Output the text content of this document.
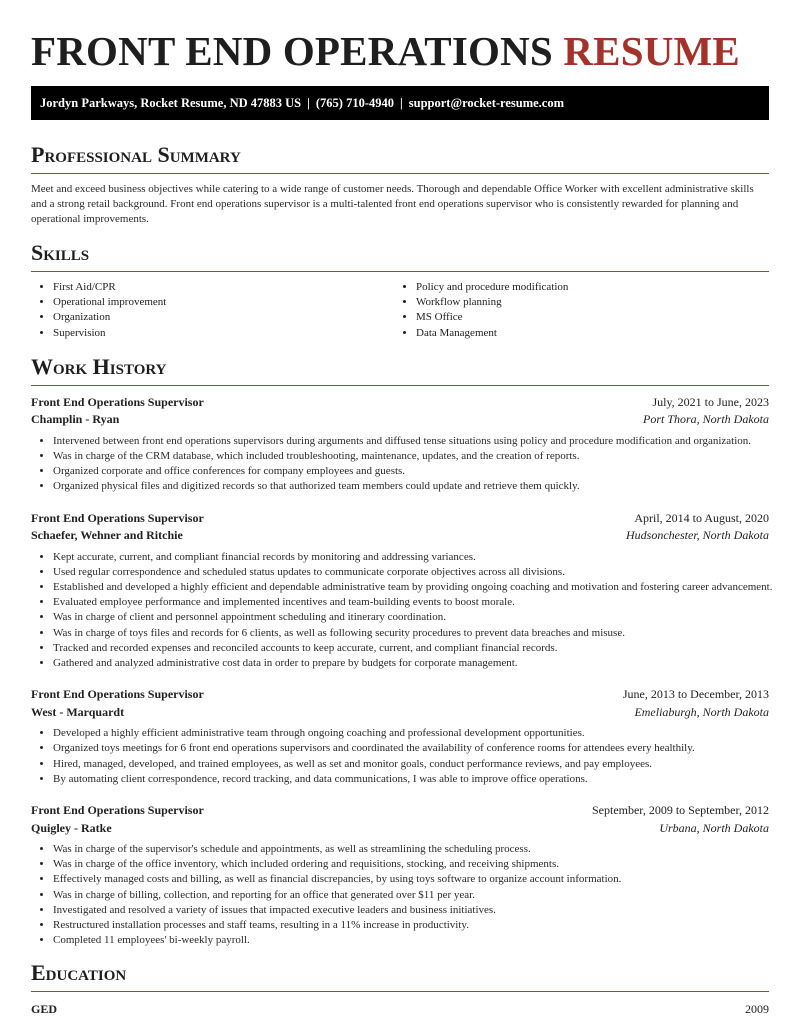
FRONT END OPERATIONS RESUME
Jordyn Parkways, Rocket Resume, ND 47883 US | (765) 710-4940 | support@rocket-resume.com
Professional Summary

Meet and exceed business objectives while catering to a wide range of customer needs. Thorough and dependable Office Worker with excellent administrative skills and a strong retail background. Front end operations supervisor is a multi-talented front end operations supervisor who is consistently rewarded for planning and operational improvements.

Skills
• First Aid/CPR
• Operational improvement
• Organization
• Supervision
• Policy and procedure modification
• Workflow planning
• MS Office
• Data Management
Work History
Front End Operations Supervisor	July, 2021 to June, 2023
Champlin - Ryan	Port Thora, North Dakota
• Intervened between front end operations supervisors during arguments and diffused tense situations using policy and procedure modification and organization.
• Was in charge of the CRM database, which included troubleshooting, maintenance, updates, and the creation of reports.
• Organized corporate and office conferences for company employees and guests.
• Organized physical files and digitized records so that authorized team members could update and retrieve them quickly.
Front End Operations Supervisor	April, 2014 to August, 2020
Schaefer, Wehner and Ritchie	Hudsonchester, North Dakota
• Kept accurate, current, and compliant financial records by monitoring and addressing variances.
• Used regular correspondence and scheduled status updates to communicate corporate objectives across all divisions.
• Established and developed a highly efficient and dependable administrative team by providing ongoing coaching and motivation and fostering career advancement.
• Evaluated employee performance and implemented incentives and team-building events to boost morale.
• Was in charge of client and personnel appointment scheduling and itinerary coordination.
• Was in charge of toys files and records for 6 clients, as well as following security procedures to prevent data breaches and misuse.
• Tracked and recorded expenses and reconciled accounts to keep accurate, current, and compliant financial records.
• Gathered and analyzed administrative cost data in order to prepare by budgets for corporate management.
Front End Operations Supervisor	June, 2013 to December, 2013
West - Marquardt	Emeliaburgh, North Dakota
• Developed a highly efficient administrative team through ongoing coaching and professional development opportunities.
• Organized toys meetings for 6 front end operations supervisors and coordinated the availability of conference rooms for attendees every healthily.
• Hired, managed, developed, and trained employees, as well as set and monitor goals, conduct performance reviews, and pay employees.
• By automating client correspondence, record tracking, and data communications, I was able to improve office operations.
Front End Operations Supervisor	September, 2009 to September, 2012
Quigley - Ratke	Urbana, North Dakota
• Was in charge of the supervisor's schedule and appointments, as well as streamlining the scheduling process.
• Was in charge of the office inventory, which included ordering and requisitions, stocking, and receiving shipments.
• Effectively managed costs and billing, as well as financial discrepancies, by using toys software to organize account information.
• Was in charge of billing, collection, and reporting for an office that generated over $11 per year.
• Investigated and resolved a variety of issues that impacted executive leaders and business initiatives.
• Restructured installation processes and staff teams, resulting in a 11% increase in productivity.
• Completed 11 employees' bi-weekly payroll.
Education
GED	2009
